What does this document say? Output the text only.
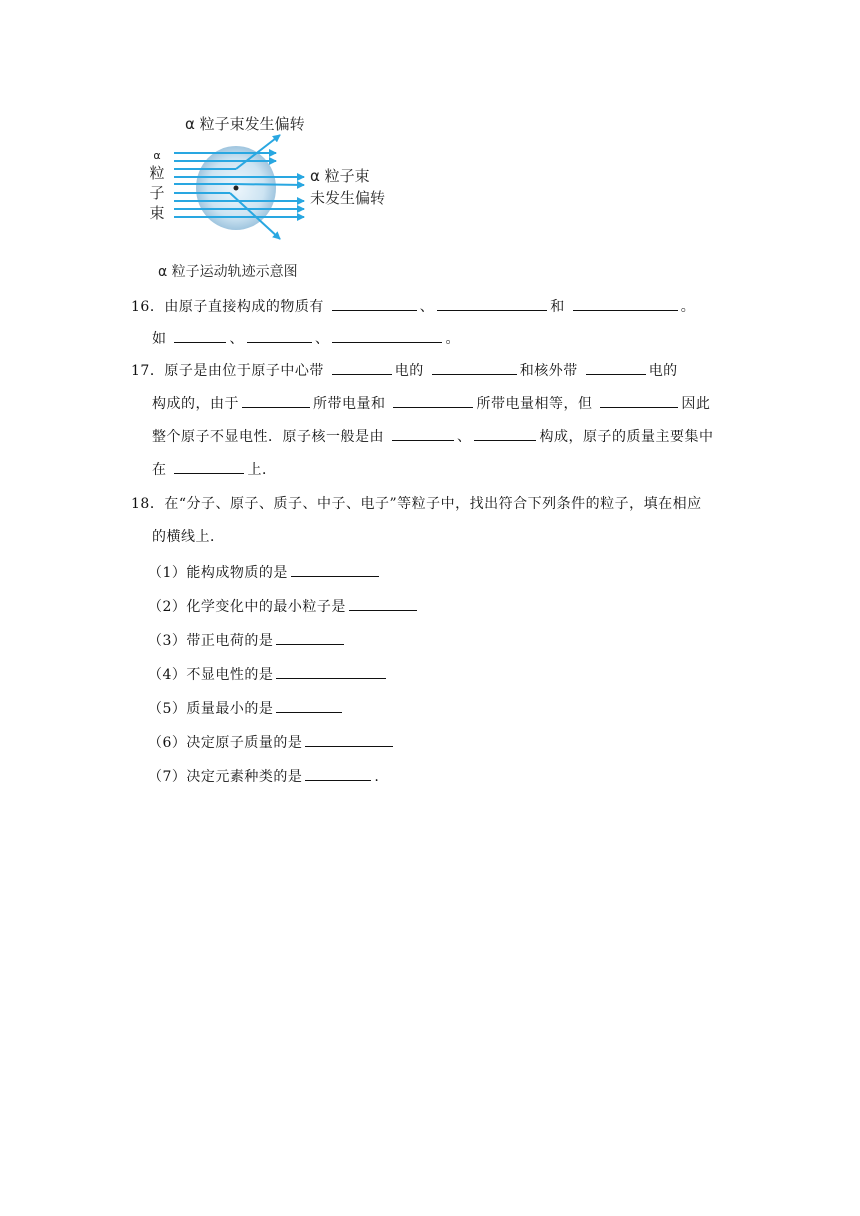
α 粒子束发生偏转
α 粒子束
未发生偏转
α
粒
子
束
α 粒子运动轨迹示意图
16．由原子直接构成的物质有	、	和	。
如	、	、	。
17．原子是由位于原子中心带	电的	和核外带	电的
构成的，由于	所带电量和	所带电量相等，但	因此
整个原子不显电性．原子核一般是由	、	构成，原子的质量主要集中
在	上．
18．在“分子、原子、质子、中子、电子”等粒子中，找出符合下列条件的粒子，填在相应
的横线上．
（1）能构成物质的是
（2）化学变化中的最小粒子是
（3）带正电荷的是
（4）不显电性的是
（5）质量最小的是
（6）决定原子质量的是
（7）决定元素种类的是	.
